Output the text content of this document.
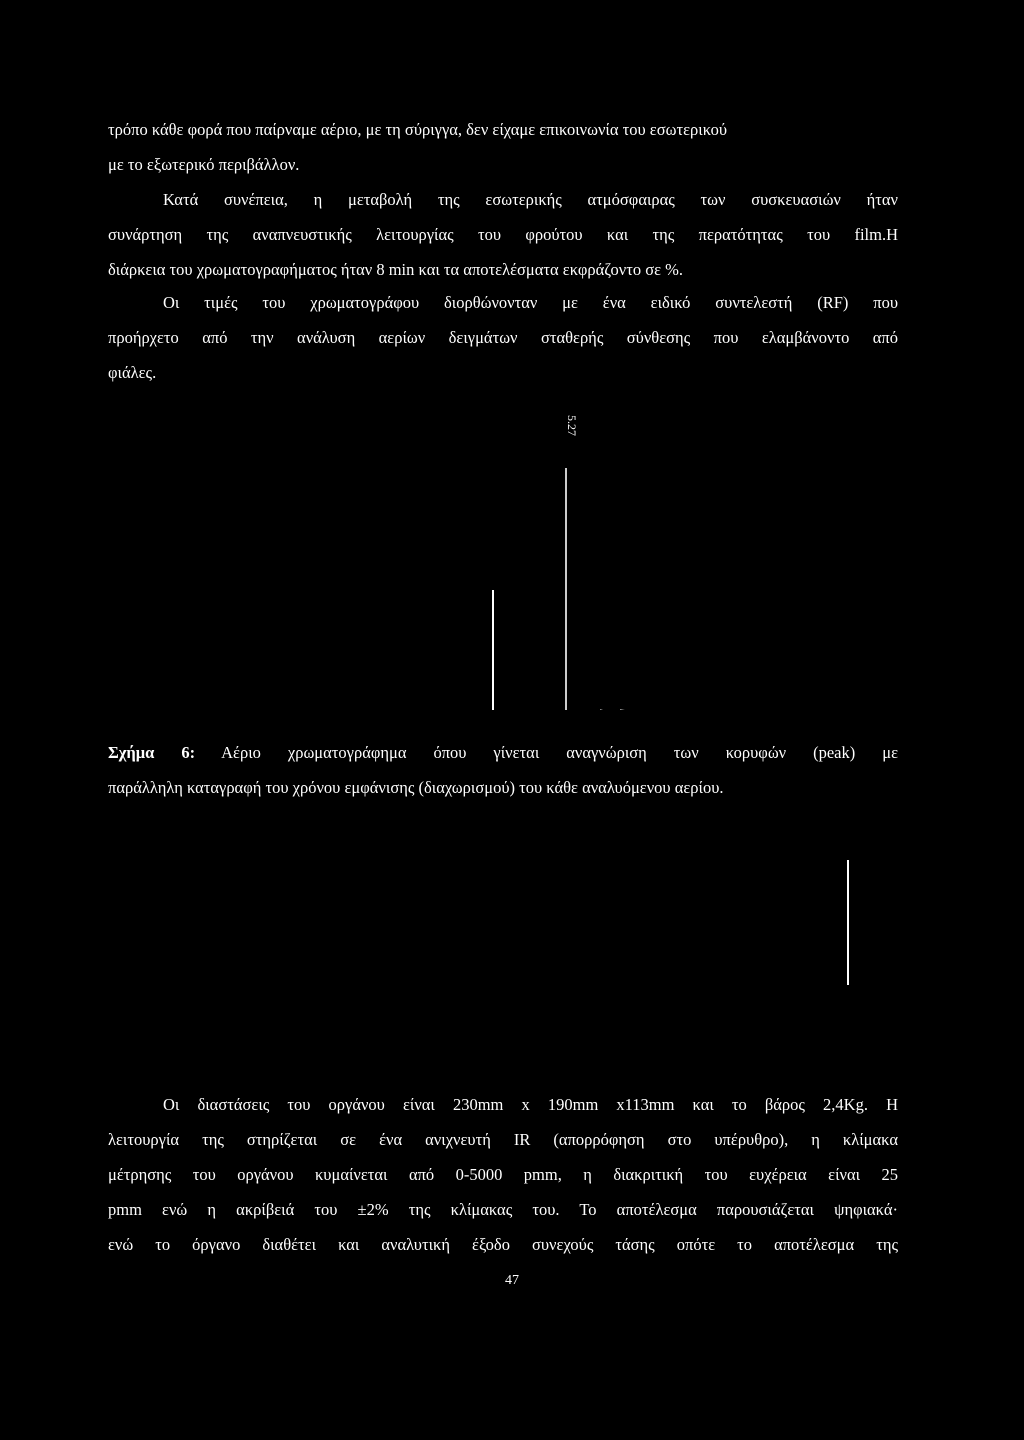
τρόπο κάθε φορά που παίρναμε αέριο, με τη σύριγγα, δεν είχαμε επικοινωνία του εσωτερικού

με το εξωτερικό περιβάλλον.

Κατά συνέπεια, η μεταβολή της εσωτερικής ατμόσφαιρας των συσκευασιών ήταν

συνάρτηση της αναπνευστικής λειτουργίας του φρούτου και της περατότητας του film.Η

διάρκεια του χρωματογραφήματος ήταν 8 min και τα αποτελέσματα εκφράζοντο σε %.

Οι τιμές του χρωματογράφου διορθώνονταν με ένα ειδικό συντελεστή (RF) που

προήρχετο από την ανάλυση αερίων δειγμάτων σταθερής σύνθεσης που ελαμβάνοντο από

φιάλες.

5.27

Σχήμα 6: Αέριο χρωματογράφημα όπου γίνεται αναγνώριση των κορυφών (peak) με

παράλληλη καταγραφή του χρόνου εμφάνισης (διαχωρισμού) του κάθε αναλυόμενου αερίου.

Οι διαστάσεις του οργάνου είναι 230mm x 190mm x113mm και το βάρος 2,4Kg. Η

λειτουργία της στηρίζεται σε ένα ανιχνευτή IR (απορρόφηση στο υπέρυθρο), η κλίμακα

μέτρησης του οργάνου κυμαίνεται από 0-5000 pmm, η διακριτική του ευχέρεια είναι 25

pmm ενώ η ακρίβειά του ±2% της κλίμακας του. Το αποτέλεσμα παρουσιάζεται ψηφιακά·

ενώ το όργανο διαθέτει και αναλυτική έξοδο συνεχούς τάσης οπότε το αποτέλεσμα της

47
